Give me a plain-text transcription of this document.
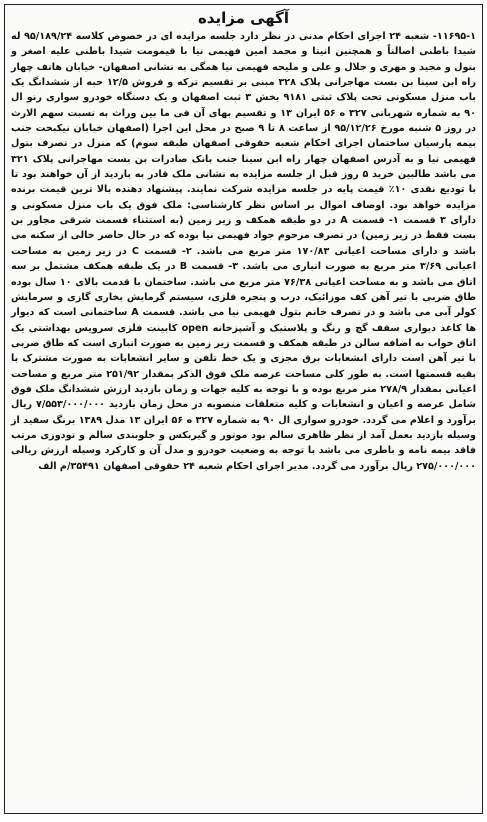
آگهی مزایده

۱۱۶۹۵-۱- شعبه ۲۴ اجرای احکام مدنی در نظر دارد جلسه مزایده ای در خصوص کلاسه ۹۵/۱۸۹/۲۴ له شیدا باطنی اصالتاً و همچنین انیتا و محمد امین فهیمی نیا با قیمومت شیدا باطنی علیه اصغر و بتول و مجید و مهری و جلال و علی و ملیحه فهیمی نیا همگی به نشانی اصفهان- خیابان هاتف چهار راه ابن سینا بن بست مهاجرانی پلاک ۳۲۸ مبنی بر تقسیم ترکه و فروش ۱۲/۵ حبه از ششدانگ یک باب منزل مسکونی تحت پلاک ثبتی ۹۱۸۱ بخش ۳ ثبت اصفهان و یک دستگاه خودرو سواری رنو ال ۹۰ به شماره شهربانی ۳۲۷ ه ۵۶ ایران ۱۳ و تقسیم بهای آن فی ما بین وراث به نسبت سهم الارث در روز ۵ شنبه مورخ ۹۵/۱۲/۲۶ از ساعت ۸ تا ۹ صبح در محل این اجرا (اصفهان خیابان نیکبخت جنب بیمه پارسیان ساختمان اجرای احکام شعبه حقوقی اصفهان طبقه سوم) که منزل در تصرف بتول فهیمی نیا و به آدرس اصفهان چهار راه ابن سینا جنب بانک صادرات بن بست مهاجرانی پلاک ۳۲۱ می باشد طالبین خرید ۵ روز قبل از جلسه مزایده به نشانی ملک قادر به بازدید از آن خواهند بود تا با تودیع نقدی ۱۰٪ قیمت پایه در جلسه مزایده شرکت نمایند. پیشنهاد دهنده بالا ترین قیمت برنده مزایده خواهد بود. اوصاف اموال بر اساس نظر کارشناسی: ملک فوق یک باب منزل مسکونی و دارای ۳ قسمت ۱- قسمت A در دو طبقه همکف و زیر زمین (به استثناء قسمت شرقی مجاور بن بست فقط در زیر زمین) در تصرف مرحوم جواد فهیمی نیا بوده که در حال حاضر خالی از سکنه می باشد و دارای مساحت اعیانی ۱۷۰/۸۳ متر مربع می باشد. ۲- قسمت C در زیر زمین به مساحت اعیانی ۳/۶۹ متر مربع به صورت انباری می باشد. ۳- قسمت B در یک طبقه همکف مشتمل بر سه اتاق می باشد و به مساحت اعیانی ۷۶/۳۸ متر مربع می باشد. ساختمان با قدمت بالای ۱۰ سال بوده طاق ضربی با تیر آهن کف موزائیک، درب و پنجره فلزی، سیستم گرمایش بخاری گازی و سرمایش کولر آبی می باشد و در تصرف خانم بتول فهیمی نیا می باشد. قسمت A ساختمانی است که دیوار ها کاغذ دیواری سقف گچ و رنگ و پلاستیک و آشپزخانه open کابینت فلزی سرویس بهداشتی یک اتاق خواب به اضافه سالن در طبقه همکف و قسمت زیر زمین به صورت انباری است که طاق ضربی با تیر آهن است دارای انشعابات برق مجزی و یک خط تلفن و سایر انشعابات به صورت مشترک با بقیه قسمتها است. به طور کلی مساحت عرصه ملک فوق الذکر بمقدار ۲۵۱/۹۲ متر مربع و مساحت اعیانی بمقدار ۲۷۸/۹ متر مربع بوده و با توجه به کلیه جهات و زمان بازدید ارزش ششدانگ ملک فوق شامل عرصه و اعیان و انشعابات و کلیه متعلقات منصوبه در محل زمان بازدید ۷/۵۵۳/۰۰۰/۰۰۰ ریال برآورد و اعلام می گردد. خودرو سواری ال ۹۰ به شماره ۳۲۷ ه ۵۶ ایران ۱۳ مدل ۱۳۸۹ برنگ سفید از وسیله بازدید بعمل آمد از نظر ظاهری سالم بود موتور و گیربکس و جلوبندی سالم و تودوزی مرتب فاقد بیمه نامه و باطری می باشد با توجه به وضعیت خودرو و مدل آن و کارکرد وسیله ارزش ریالی ۲۷۵/۰۰۰/۰۰۰ ریال برآورد می گردد. مدیر اجرای احکام شعبه ۲۴ حقوقی اصفهان ۳۵۴۹۱/م الف
